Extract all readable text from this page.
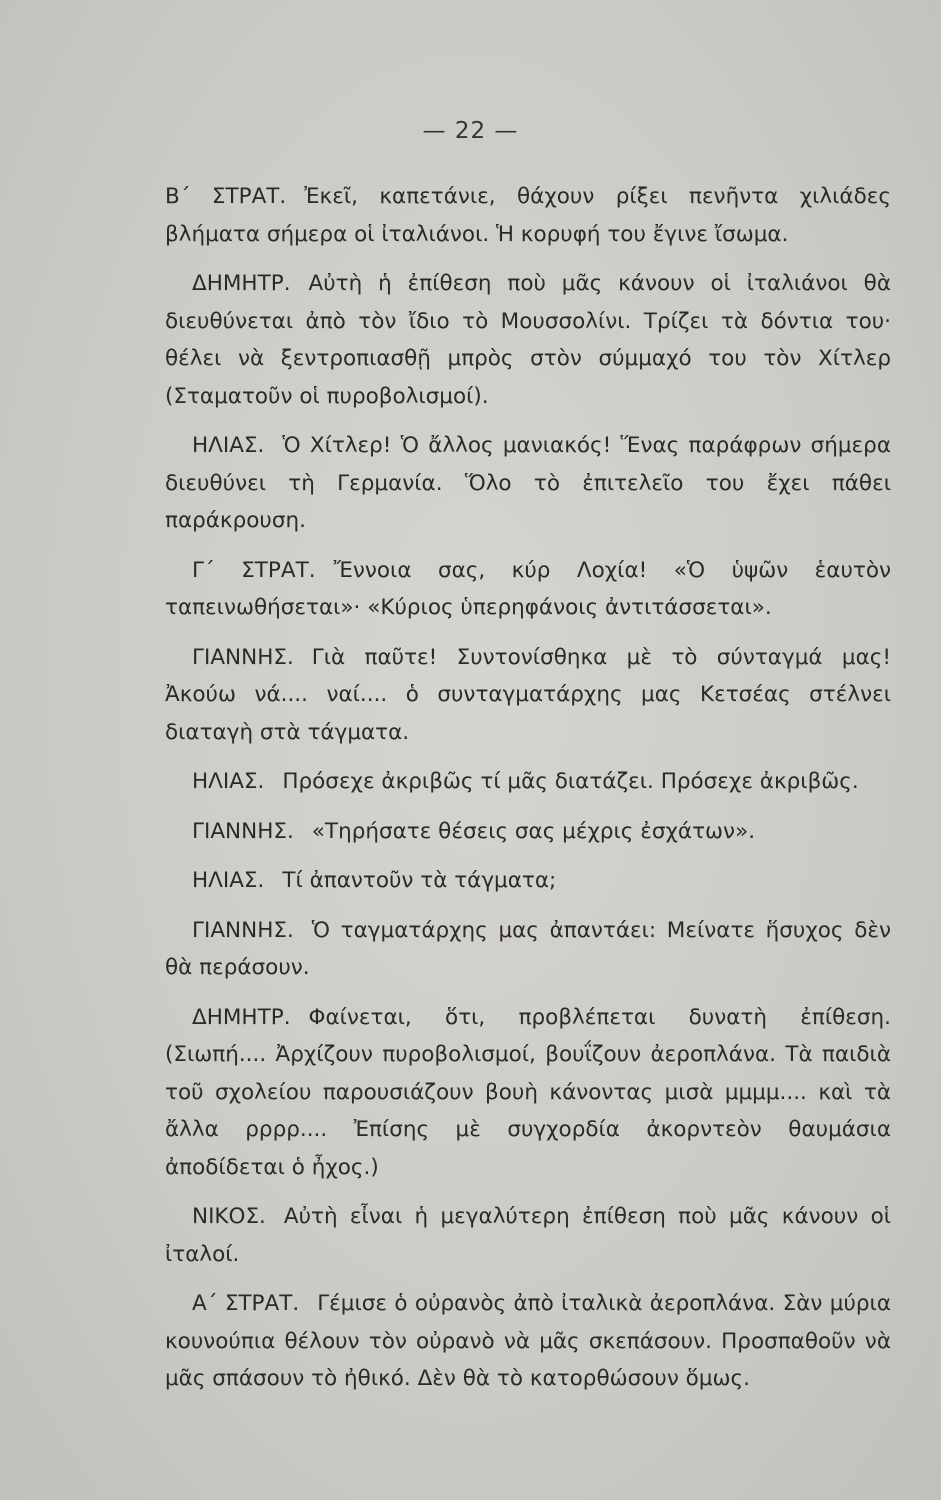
— 22 —

Β΄ ΣΤΡΑΤ. Ἐκεῖ, καπετάνιε, θάχουν ρίξει πενῆντα χιλιάδες βλήματα σήμερα οἱ ἰταλιάνοι. Ἡ κορυφή του ἔγινε ἴσωμα.

ΔΗΜΗΤΡ. Αὐτὴ ἡ ἐπίθεση ποὺ μᾶς κάνουν οἱ ἰταλιάνοι θὰ διευθύνεται ἀπὸ τὸν ἴδιο τὸ Μουσσολίνι. Τρίζει τὰ δόντια του· θέλει νὰ ξεντροπιασθῇ μπρὸς στὸν σύμμαχό του τὸν Χίτλερ (Σταματοῦν οἱ πυροβολισμοί).

ΗΛΙΑΣ. Ὁ Χίτλερ! Ὁ ἄλλος μανιακός! Ἕνας παράφρων σήμερα διευθύνει τὴ Γερμανία. Ὅλο τὸ ἐπιτελεῖο του ἔχει πάθει παράκρουση.

Γ΄ ΣΤΡΑΤ. Ἔννοια σας, κύρ Λοχία! «Ὁ ὑψῶν ἑαυτὸν ταπεινωθήσεται»· «Κύριος ὑπερηφάνοις ἀντιτάσσεται».

ΓΙΑΝΝΗΣ. Γιὰ παῦτε! Συντονίσθηκα μὲ τὸ σύνταγμά μας! Ἀκούω νά.... ναί.... ὁ συνταγματάρχης μας Κετσέας στέλνει διαταγὴ στὰ τάγματα.

ΗΛΙΑΣ. Πρόσεχε ἀκριβῶς τί μᾶς διατάζει. Πρόσεχε ἀκριβῶς.

ΓΙΑΝΝΗΣ. «Τηρήσατε θέσεις σας μέχρις ἐσχάτων».

ΗΛΙΑΣ. Τί ἀπαντοῦν τὰ τάγματα;

ΓΙΑΝΝΗΣ. Ὁ ταγματάρχης μας ἀπαντάει: Μείνατε ἥσυχος δὲν θὰ περάσουν.

ΔΗΜΗΤΡ. Φαίνεται, ὅτι, προβλέπεται δυνατὴ ἐπίθεση. (Σιωπή.... Ἀρχίζουν πυροβολισμοί, βουΐζουν ἀεροπλάνα. Τὰ παιδιὰ τοῦ σχολείου παρουσιάζουν βουὴ κάνοντας μισὰ μμμμ.... καὶ τὰ ἄλλα ρρρρ.... Ἐπίσης μὲ συγχορδία ἀκορντεὸν θαυμάσια ἀποδίδεται ὁ ἦχος.)

ΝΙΚΟΣ. Αὐτὴ εἶναι ἡ μεγαλύτερη ἐπίθεση ποὺ μᾶς κάνουν οἱ ἰταλοί.

Α΄ ΣΤΡΑΤ. Γέμισε ὁ οὐρανὸς ἀπὸ ἰταλικὰ ἀεροπλάνα. Σὰν μύρια κουνούπια θέλουν τὸν οὐρανὸ νὰ μᾶς σκεπάσουν. Προσπαθοῦν νὰ μᾶς σπάσουν τὸ ἠθικό. Δὲν θὰ τὸ κατορθώσουν ὅμως.
